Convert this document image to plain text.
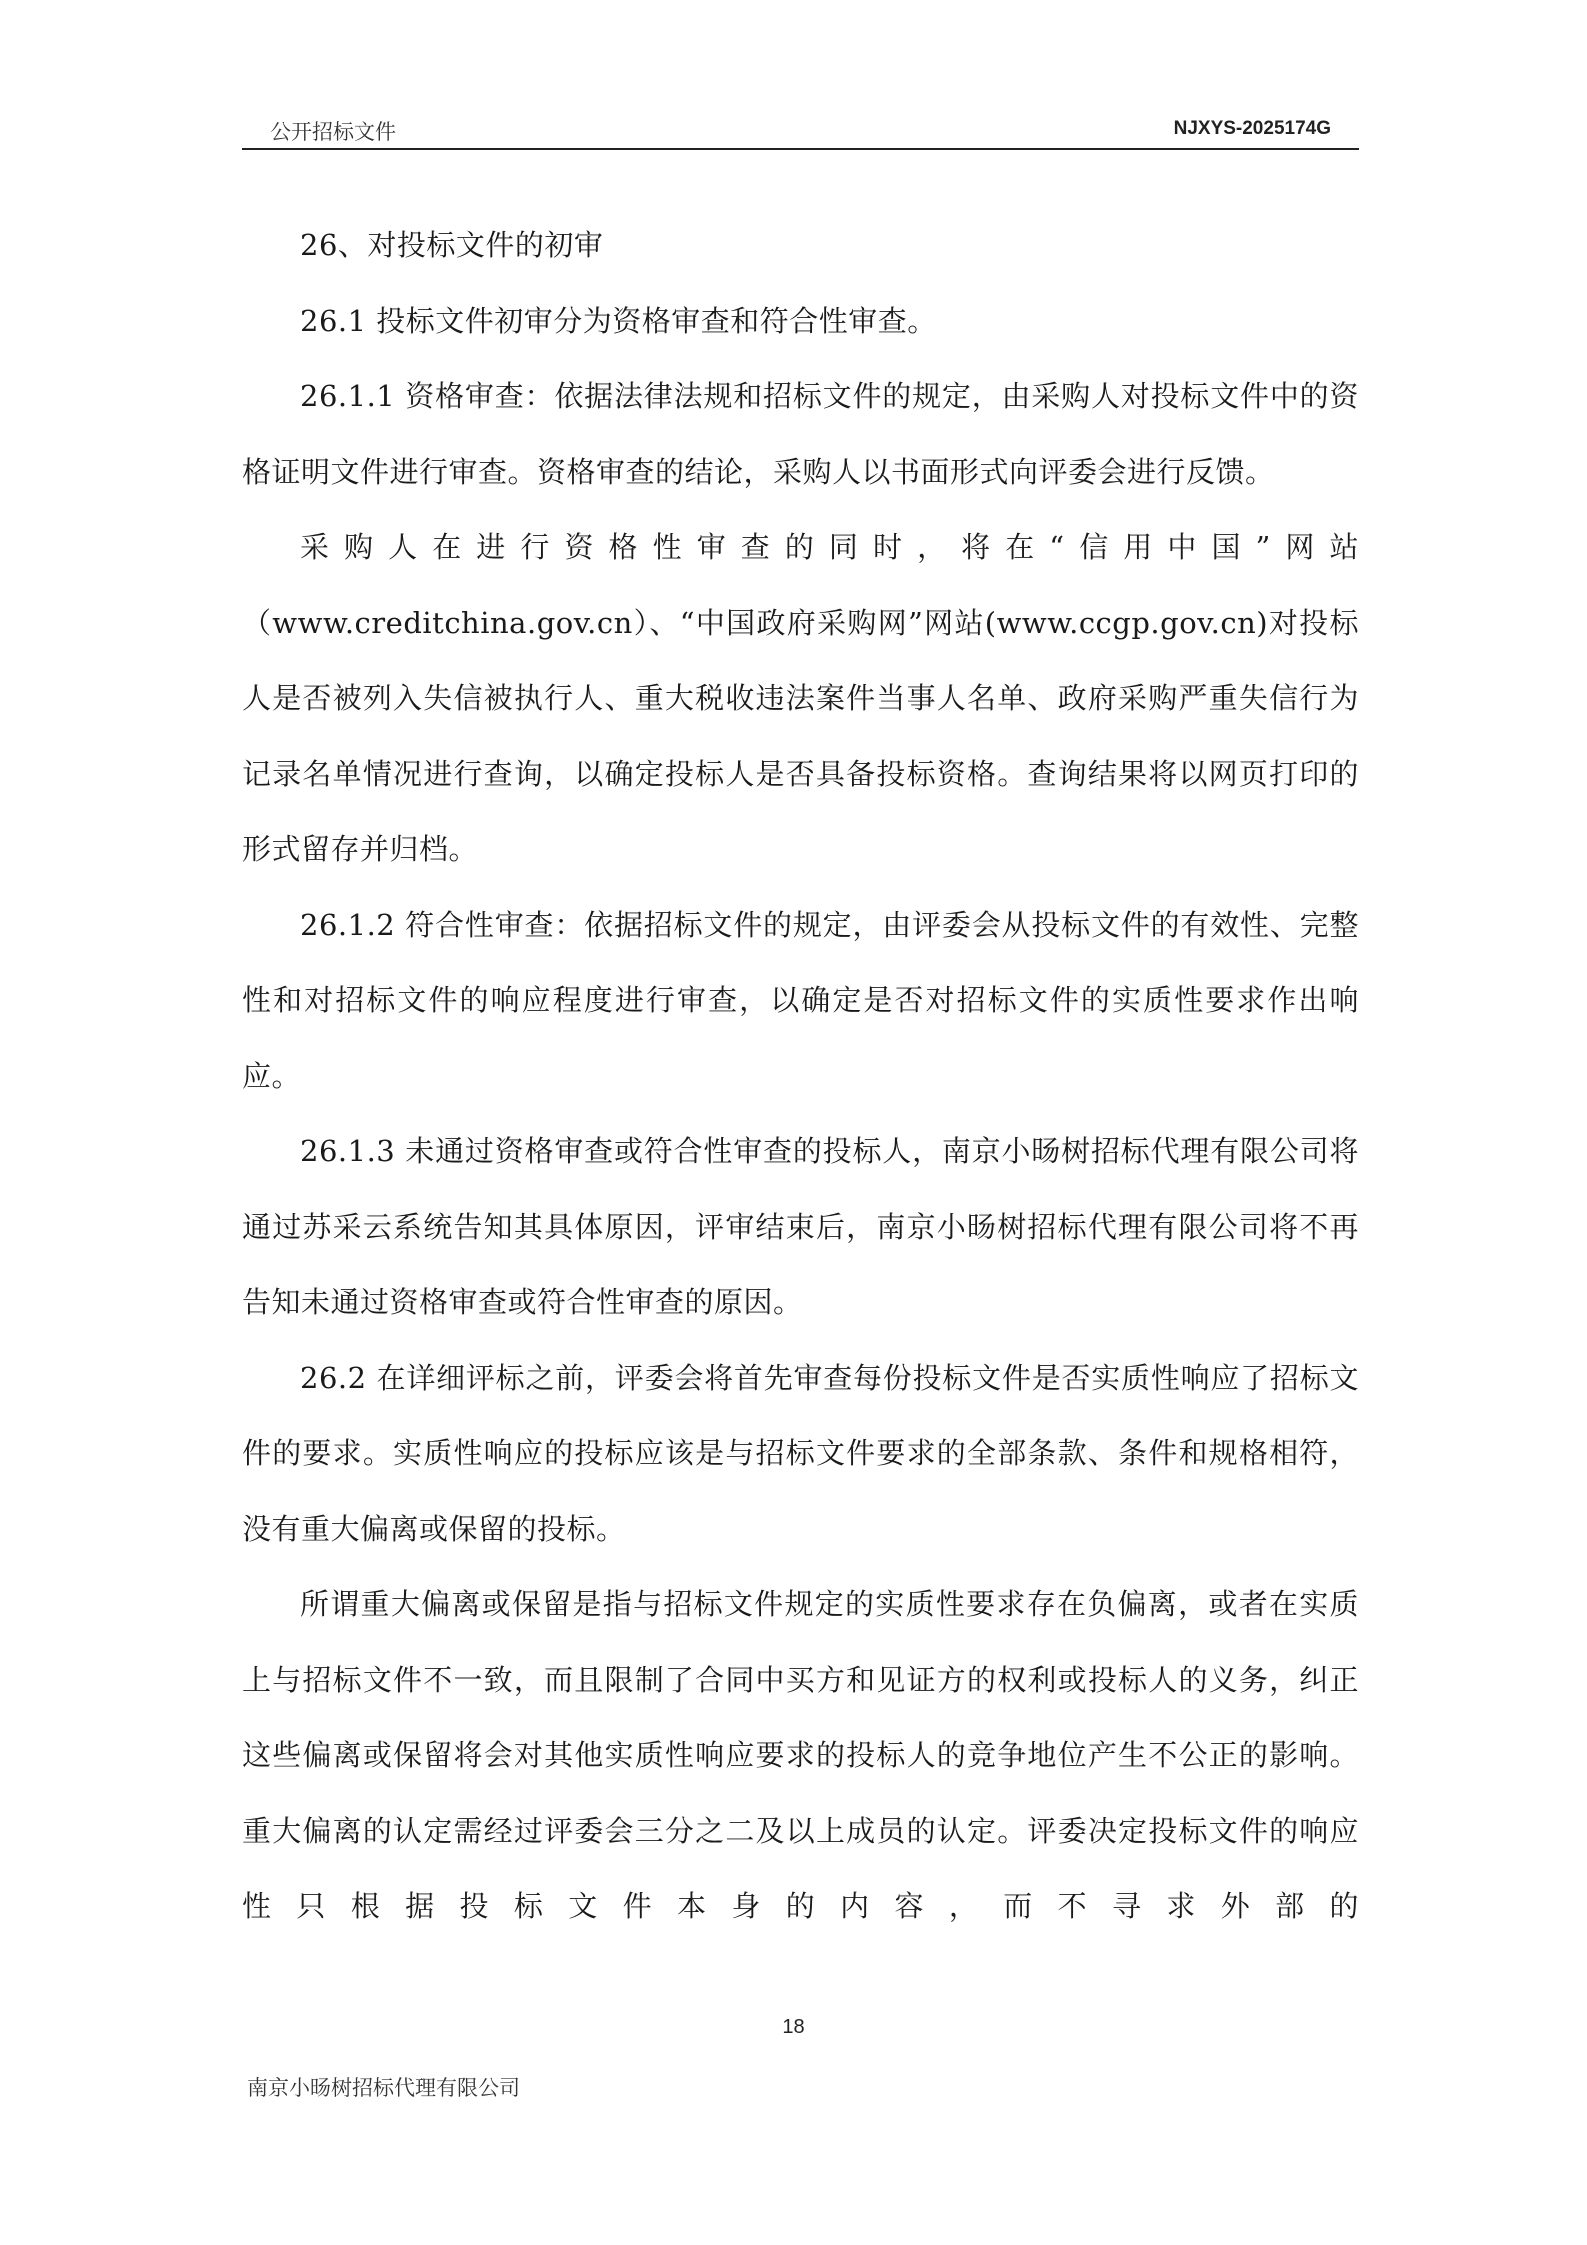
公开招标文件	NJXYS-2025174G

26、对投标文件的初审

26.1 投标文件初审分为资格审查和符合性审查。

26.1.1 资格审查：依据法律法规和招标文件的规定，由采购人对投标文件中的资格证明文件进行审查。资格审查的结论，采购人以书面形式向评委会进行反馈。

采购人在进行资格性审查的同时，将在“信用中国”网站（www.creditchina.gov.cn）、“中国政府采购网”网站(www.ccgp.gov.cn)对投标人是否被列入失信被执行人、重大税收违法案件当事人名单、政府采购严重失信行为记录名单情况进行查询，以确定投标人是否具备投标资格。查询结果将以网页打印的形式留存并归档。

26.1.2 符合性审查：依据招标文件的规定，由评委会从投标文件的有效性、完整性和对招标文件的响应程度进行审查，以确定是否对招标文件的实质性要求作出响应。

26.1.3 未通过资格审查或符合性审查的投标人，南京小旸树招标代理有限公司将通过苏采云系统告知其具体原因，评审结束后，南京小旸树招标代理有限公司将不再告知未通过资格审查或符合性审查的原因。

26.2 在详细评标之前，评委会将首先审查每份投标文件是否实质性响应了招标文件的要求。实质性响应的投标应该是与招标文件要求的全部条款、条件和规格相符，没有重大偏离或保留的投标。

所谓重大偏离或保留是指与招标文件规定的实质性要求存在负偏离，或者在实质上与招标文件不一致，而且限制了合同中买方和见证方的权利或投标人的义务，纠正这些偏离或保留将会对其他实质性响应要求的投标人的竞争地位产生不公正的影响。重大偏离的认定需经过评委会三分之二及以上成员的认定。评委决定投标文件的响应性只根据投标文件本身的内容，而不寻求外部的

18
南京小旸树招标代理有限公司
